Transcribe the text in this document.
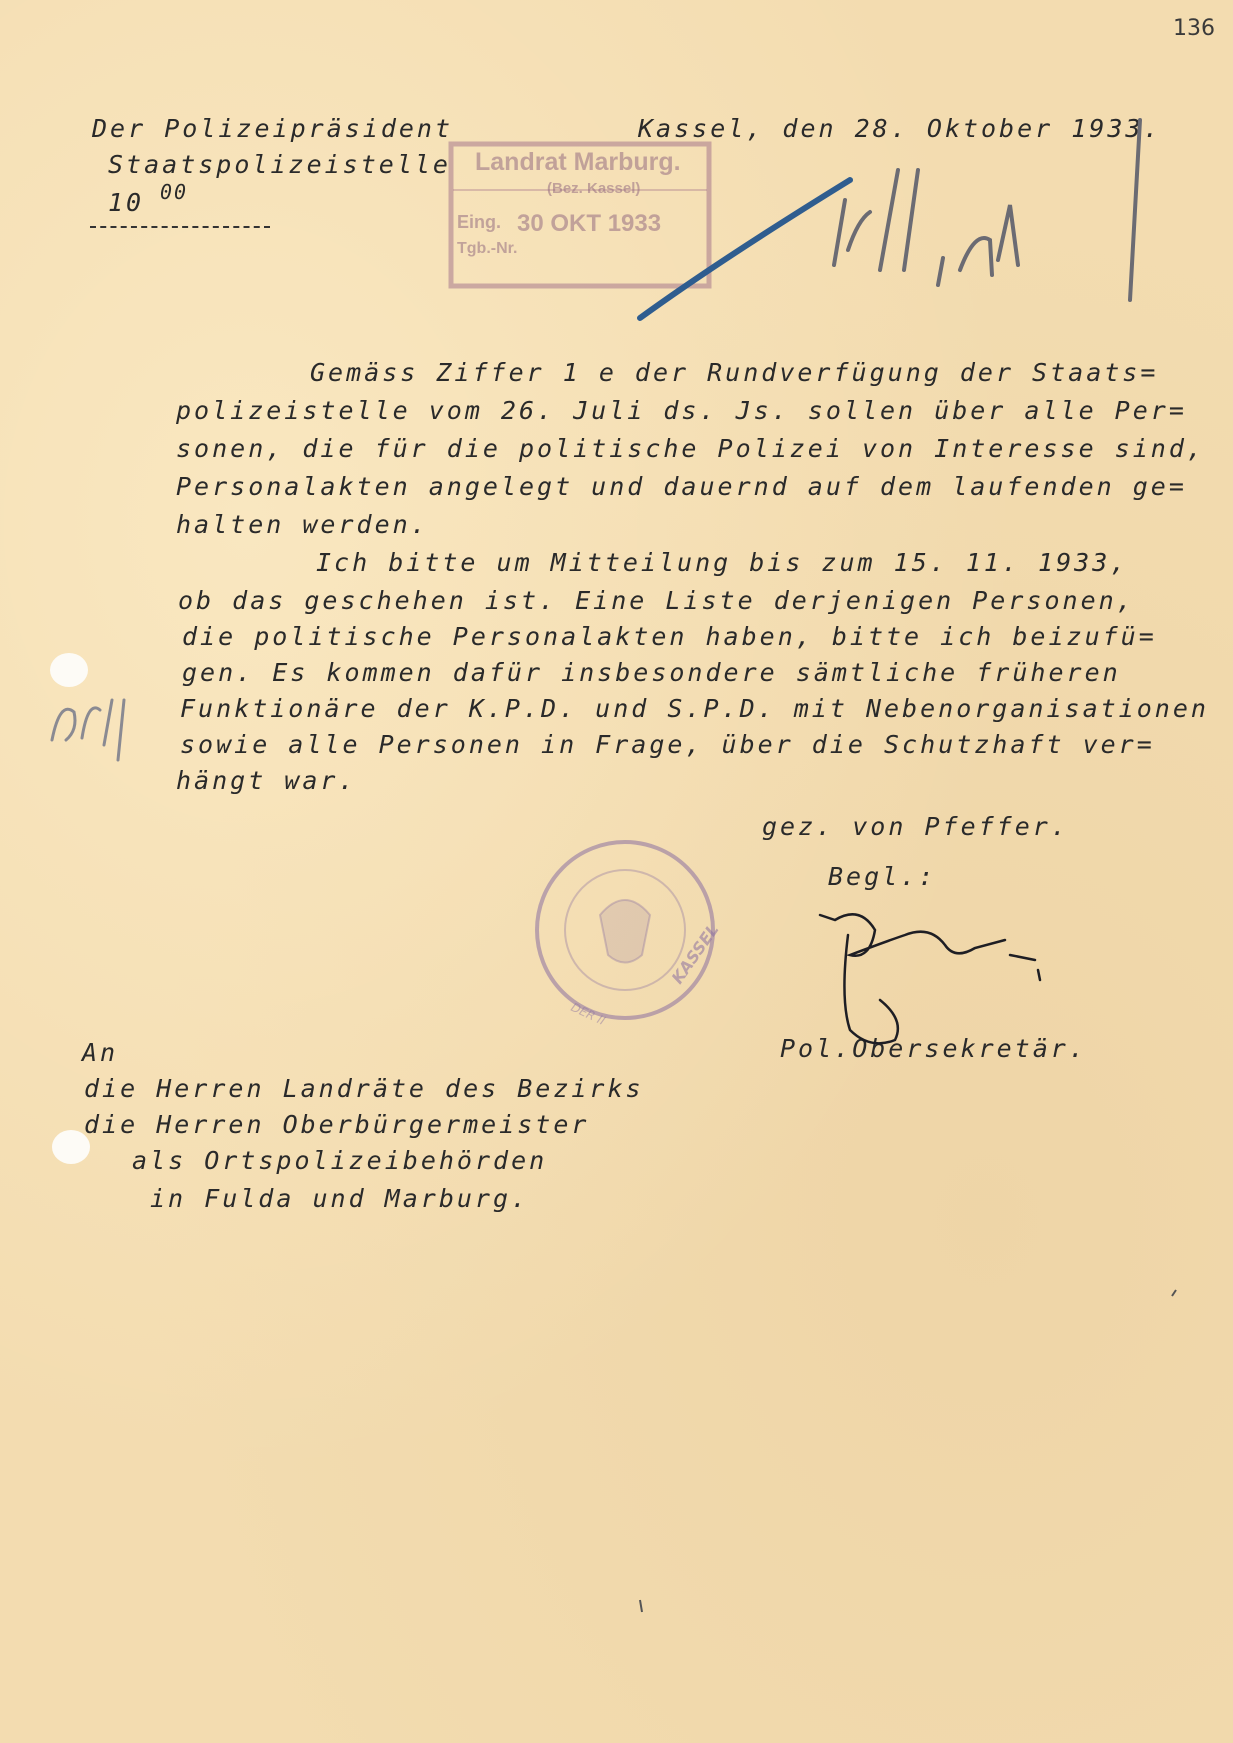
136
Der Polizeipräsident
Staatspolizeistelle
10 00
Kassel, den 28. Oktober 1933.
Landrat Marburg.
(Bez. Kassel)
Eing. 30 OKT 1933
Tgb.-Nr.
Gemäss Ziffer 1 e der Rundverfügung der Staats=
polizeistelle vom 26. Juli ds. Js. sollen über alle Per=
sonen, die für die politische Polizei von Interesse sind,
Personalakten angelegt und dauernd auf dem laufenden ge=
halten werden.
Ich bitte um Mitteilung bis zum 15. 11. 1933,
ob das geschehen ist. Eine Liste derjenigen Personen,
die politische Personalakten haben, bitte ich beizufü=
gen. Es kommen dafür insbesondere sämtliche früheren
Funktionäre der K.P.D. und S.P.D. mit Nebenorganisationen
sowie alle Personen in Frage, über die Schutzhaft ver=
hängt war.
gez. von Pfeffer.
Begl.:
Pol.Obersekretär.
An
die Herren Landräte des Bezirks
die Herren Oberbürgermeister
als Ortspolizeibehörden
in Fulda und Marburg.
KASSEL
DER II
